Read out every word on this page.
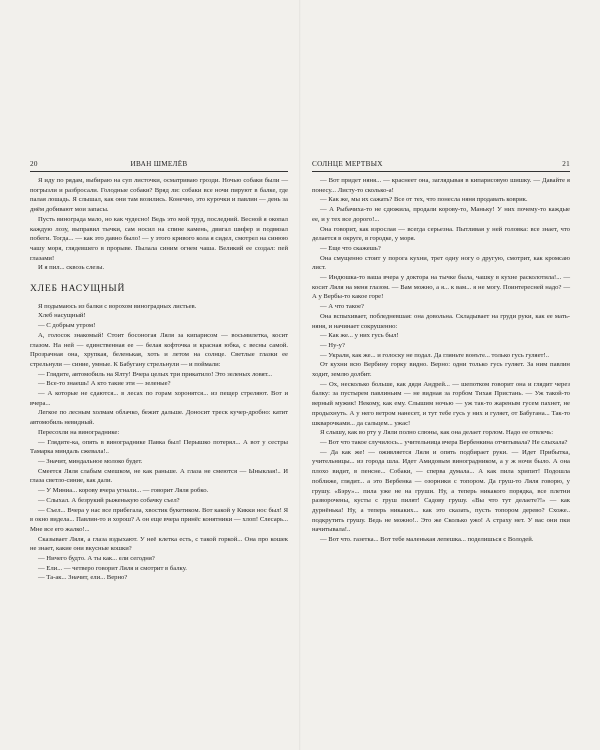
20	ИВАН ШМЕЛЁВ

Я иду по рядам, выбираю на суп листочки, осматриваю грозди. Ночью собаки были — погрызли и разбросали. Голодные собаки? Вряд ли: собаки все ночи пируют в балке, где палая лошадь. Я слышал, как они там возились. Конечно, это курочки и павлин — день за днём добивают мои запасы.

Пусть винограда мало, но как чудесно! Ведь это мой труд, последний. Весной я окопал каждую лозу, выправил тычки, сам носил на спине камень, двигал шифер и подвязал побеги. Тогда... — как это давно было! — у этого кривого кола я сидел, смотрел на синюю чашу моря, глядевшего в прорыве. Пылала синим огнем чаша. Великий ее создал: пей глазами!

И я пил... сквозь слезы.

ХЛЕБ НАСУЩНЫЙ

Я подымаюсь из балки с ворохом виноградных листьев.

Хлеб насущный!

— С добрым утром!

А, голосок знакомый! Стоит босоногая Ляля за кипарисом — восьмилетка, косит глазом. На ней — единственная ее — белая кофточка и красная юбка, с весны самой. Прозрачная она, хрупкая, беленькая, хоть и летом на солнце. Светлые глазки ее стрельнули — синие, умные. К Бабугану стрельнули — и поймали:

— Глядите, автомобиль на Ялту! Вчера целых три прикатило! Это зеленых ловят...

— Все-то знаешь! А кто такие эти — зеленые?

— А которые не сдаются... в лесах по горам хоронятся... из пещер стреляют. Вот и вчера...

Легкое по лесным холмам облачко, бежит дальше. Доносит треск кучер-дробно: катит автомобиль невидный.

Пересохли на винограднике:

— Глядите-ка, опять в винограднике Павка был! Перышко потерял... А вот у сестры Тамарка миндаль сжевала!..

— Значит, миндальное молоко будет.

Смеется Ляля слабым смешком, не как раньше. А глаза не смеются — Ыныклая!.. И глаза светло-синие, как дали.

— У Миниа... корову вчера угнали... — говорит Ляля робко.

— Слыхал. А безрукий рыженькую собачку съел?

— Съел... Вчера у нас все прибегала, хвостик букетиком. Вот какой у Кикки нос был! Я в окно видела... Павлин-то и хорош? А он еще вчера принёс конятники — хлоп! Слесарь... Мне все его жалко!...

Сказывает Ляля, а глаза вздыхают. У неё клетка есть, с такой горкой... Она про кошек не знает, какие они вкусные кошки?

— Ничего будто. А ты как... ели сегодня?

— Ели... — четверо говорит Ляля и смотрит в балку.

— Та-ак... Значит, ели... Верно?

СОЛНЦЕ МЕРТВЫХ	21

— Вот придет няня... — краснеет она, заглядывая в кипарисовую шишку. — Давайте я понесу... Листу-то сколько-а!

— Как же, мы их сажать? Все от тех, что понесла няня продавать коврик.

— А Рыбачиха-то не сдюжила, продали корову-то, Маньку! У них почему-то каждые ее, и у тех все дорого!...

Она говорит, как взрослая — всегда серьезна. Пытливая у ней головка: все знает, что делается в округе, в городке, у моря.

— Еще что скажешь?

Она смущенно стоит у порога кухни, трет одну ногу о другую, смотрит, как кромсаю лист.

— Индюшка-то ваша вчера у доктора на тычке была, чашку в кухне расколотила!... — косит Ляля на меня глазом. — Вам можно, а я... к вам... я не могу. Поинтересней надо? — А у Вербы-то какое горе!

— А что такое?

Она вспыхивает, побледневшая: она довольна. Складывает на груди руки, как ее мать-няня, и начинает сокрушенно:

— Как же... у них гусь был!

— Ну-у?

— Украли, как же... и голоску не подал. Да гляньте вонъте... только гусь гуляет!..

От кухни всю Вербину горку видно. Верно: одни только гусь гуляет. За ним павлин ходит, землю долбит.

— Ох, несколько больше, как дядя Андрей... — шепотком говорит она и глядит через балку: за пустырем павлиньим — не видная за горбом Тихая Пристань. — Уж такой-то верный мужик! Некому, как ему. Слышим ночью — уж так-то жареным гусем пахнет, не продыхнуть. А у него ветром нанесет, и тут тебе гусь у них и гуляет, от Бабугана... Так-то шкварочками... да сальцем... ужас!

Я слышу, как во рту у Ляли полно слюны, как она делает горлом. Надо ее отвлечь:

— Вот что такое случилось... учительница вчера Вербенкина отчитывала? Не слыхала?

— Да как же! — оживляется Ляля и опять подбирает руки. — Идет Прибытка, учительницы... из города шла. Идет Амидовым виноградником, а у ж ночи было. А она плохо видит, в пенсне... Собаки, — сперва думала... А как пила хрипит! Подошла поближе, глядит... а это Вербенка — озорники с топором. Да груш-то Ляля говорю, у грушу. «Бэру»... пила уже не на груши. Ну, а теперь никакого порядка, все плетни разворочены, кусты с груш пилят! Садову грушу. «Вы что тут делаете?!» — как дурнёнька! Ну, а теперь никаких... как это сказать, пусть топором дерево? Схоже.. подкрутить грушу. Ведь не можно!.. Это же Сколько ужо! А страху нет. У вас они пки начитывала!..

— Вот что. газетка... Вот тебе маленькая лепешка... поделишься с Володей.
